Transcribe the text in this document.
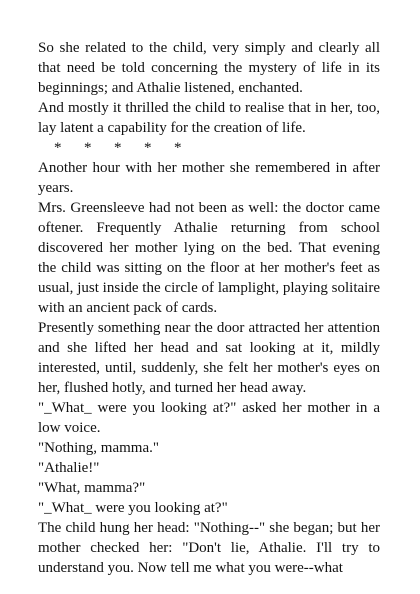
So she related to the child, very simply and clearly all that need be told concerning the mystery of life in its beginnings; and Athalie listened, enchanted.

And mostly it thrilled the child to realise that in her, too, lay latent a capability for the creation of life.

*      *      *      *      *

Another hour with her mother she remembered in after years.

Mrs. Greensleeve had not been as well: the doctor came oftener. Frequently Athalie returning from school discovered her mother lying on the bed. That evening the child was sitting on the floor at her mother's feet as usual, just inside the circle of lamplight, playing solitaire with an ancient pack of cards.

Presently something near the door attracted her attention and she lifted her head and sat looking at it, mildly interested, until, suddenly, she felt her mother's eyes on her, flushed hotly, and turned her head away.

"_What_ were you looking at?" asked her mother in a low voice.

"Nothing, mamma."

"Athalie!"

"What, mamma?"

"_What_ were you looking at?"

The child hung her head: "Nothing--" she began; but her mother checked her: "Don't lie, Athalie. I'll try to understand you. Now tell me what you were--what
